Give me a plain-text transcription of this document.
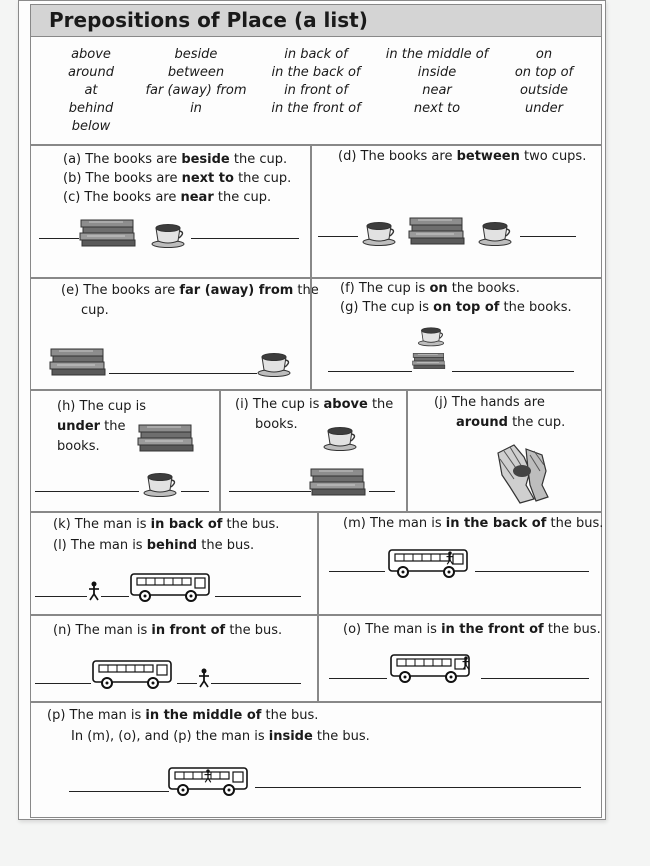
Prepositions of Place (a list)
above
around
at
behind
below
beside
between
far (away) from
in
in back of
in the back of
in front of
in the front of
in the middle of
inside
near
next to
on
on top of
outside
under

(a) The books are beside the cup.

(b) The books are next to the cup.

(c) The books are near the cup.

(d) The books are between two cups.

(e) The books are far (away) from the

cup.

(f) The cup is on the books.

(g) The cup is on top of the books.

(h) The cup is

under the

books.

(i) The cup is above the

books.

(j) The hands are

around the cup.

(k) The man is in back of the bus.

(l) The man is behind the bus.

(m) The man is in the back of the bus.

(n) The man is in front of the bus.	(o) The man is in the front of the bus.

(p) The man is in the middle of the bus.

In (m), (o), and (p) the man is inside the bus.
